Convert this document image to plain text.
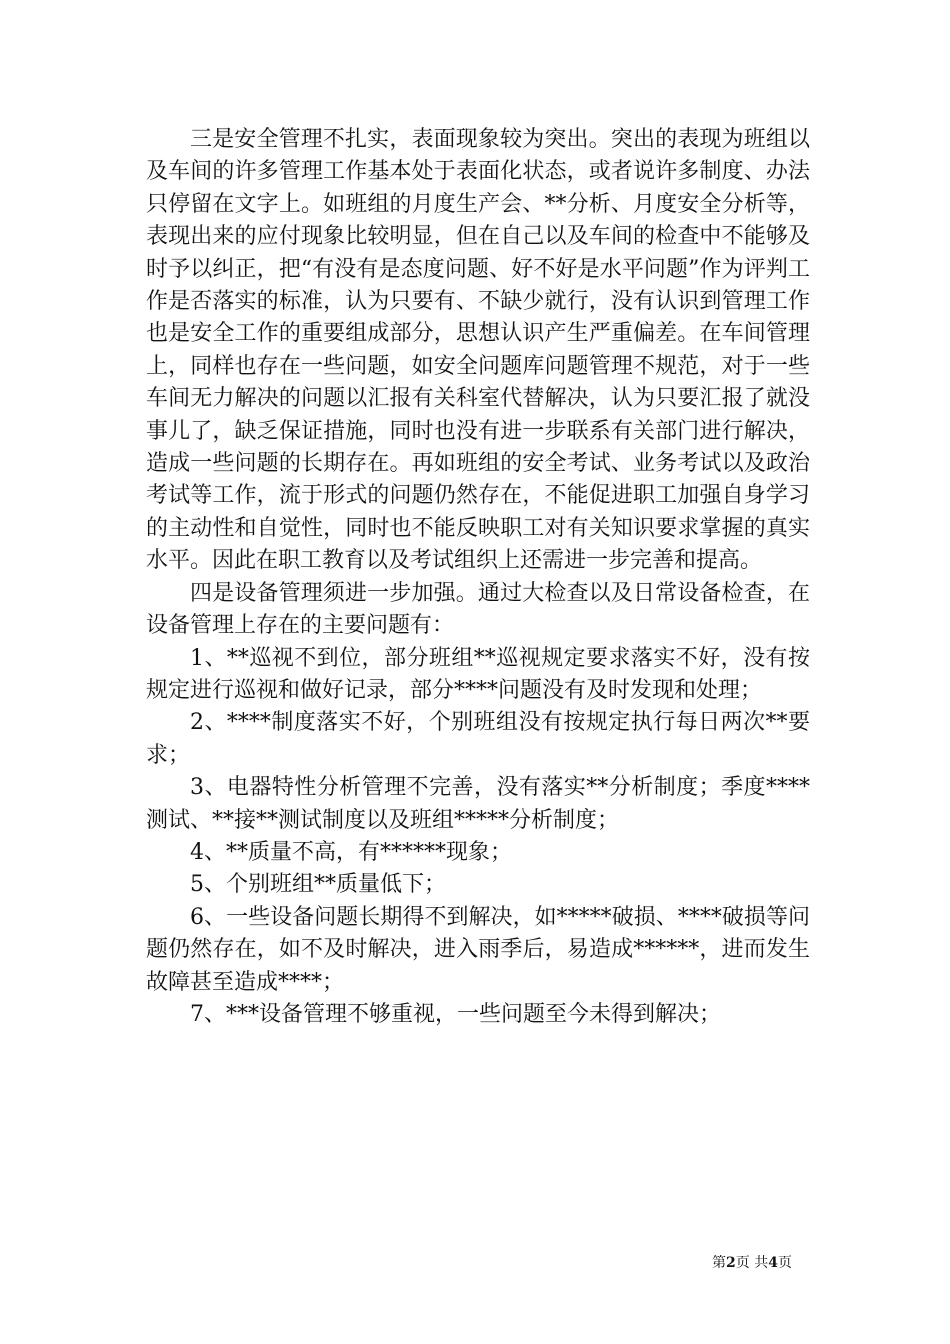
三是安全管理不扎实，表面现象较为突出。突出的表现为班组以及车间的许多管理工作基本处于表面化状态，或者说许多制度、办法只停留在文字上。如班组的月度生产会、**分析、月度安全分析等，表现出来的应付现象比较明显，但在自己以及车间的检查中不能够及时予以纠正，把“有没有是态度问题、好不好是水平问题”作为评判工作是否落实的标准，认为只要有、不缺少就行，没有认识到管理工作也是安全工作的重要组成部分，思想认识产生严重偏差。在车间管理上，同样也存在一些问题，如安全问题库问题管理不规范，对于一些车间无力解决的问题以汇报有关科室代替解决，认为只要汇报了就没事儿了，缺乏保证措施，同时也没有进一步联系有关部门进行解决，造成一些问题的长期存在。再如班组的安全考试、业务考试以及政治考试等工作，流于形式的问题仍然存在，不能促进职工加强自身学习的主动性和自觉性，同时也不能反映职工对有关知识要求掌握的真实水平。因此在职工教育以及考试组织上还需进一步完善和提高。

四是设备管理须进一步加强。通过大检查以及日常设备检查，在设备管理上存在的主要问题有：

1、**巡视不到位，部分班组**巡视规定要求落实不好，没有按规定进行巡视和做好记录，部分****问题没有及时发现和处理；

2、****制度落实不好，个别班组没有按规定执行每日两次**要求；

3、电器特性分析管理不完善，没有落实**分析制度；季度****测试、**接**测试制度以及班组*****分析制度；

4、**质量不高，有******现象；

5、个别班组**质量低下；

6、一些设备问题长期得不到解决，如*****破损、****破损等问题仍然存在，如不及时解决，进入雨季后，易造成******，进而发生故障甚至造成****；

7、***设备管理不够重视，一些问题至今未得到解决；

第2页 共4页
